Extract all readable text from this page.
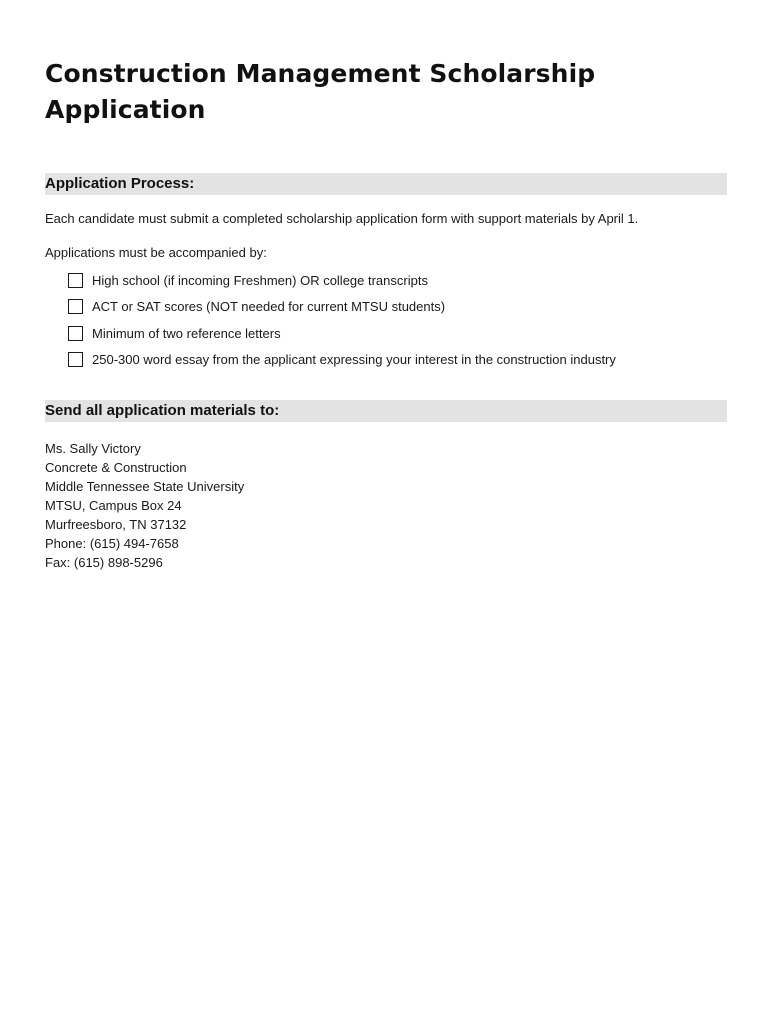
Construction Management Scholarship
Application
Application Process:

Each candidate must submit a completed scholarship application form with support materials by April 1.

Applications must be accompanied by:

High school (if incoming Freshmen) OR college transcripts
ACT or SAT scores (NOT needed for current MTSU students)
Minimum of two reference letters
250-300 word essay from the applicant expressing your interest in the construction industry
Send all application materials to:
Ms. Sally Victory
Concrete & Construction
Middle Tennessee State University
MTSU, Campus Box 24
Murfreesboro, TN 37132
Phone: (615) 494-7658
Fax: (615) 898-5296
